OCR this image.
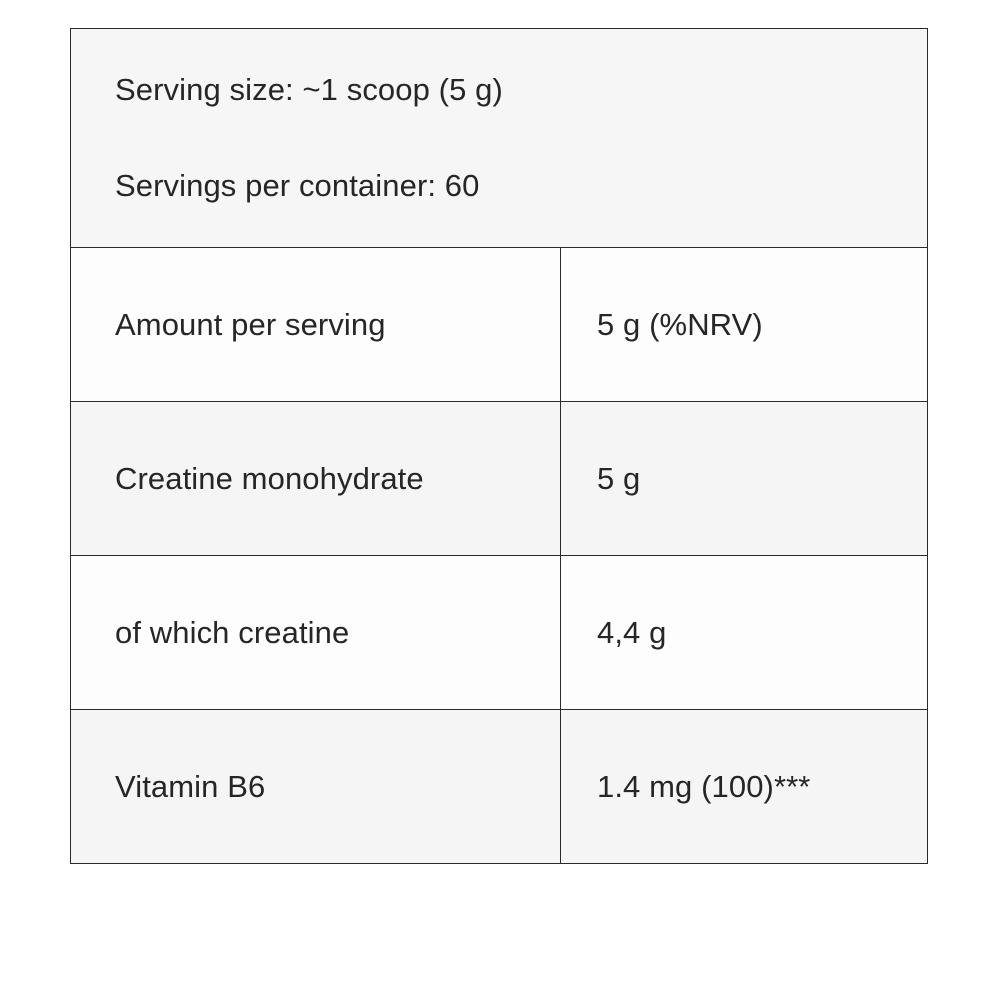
Serving size: ~1 scoop (5 g)
Servings per container: 60	

Amount per serving	5 g (%NRV)
Creatine monohydrate	5 g
of which creatine	4,4 g
Vitamin B6	1.4 mg (100)***
